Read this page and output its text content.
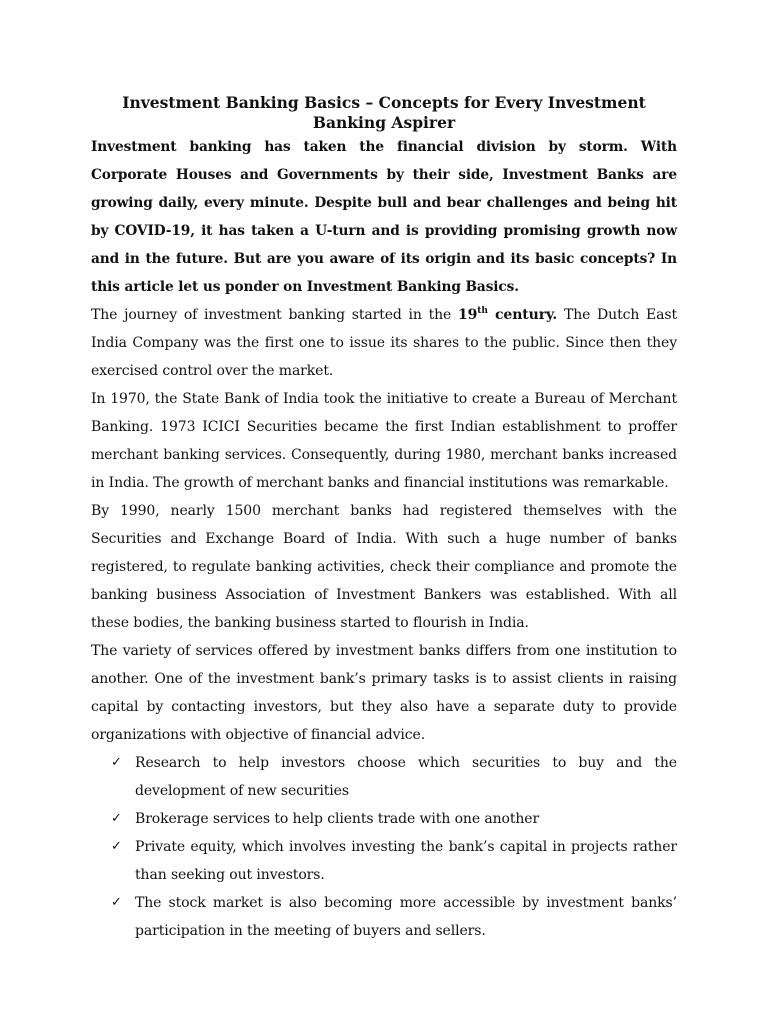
Investment Banking Basics – Concepts for Every Investment Banking Aspirer

Investment banking has taken the financial division by storm. With Corporate Houses and Governments by their side, Investment Banks are growing daily, every minute. Despite bull and bear challenges and being hit by COVID-19, it has taken a U-turn and is providing promising growth now and in the future. But are you aware of its origin and its basic concepts? In this article let us ponder on Investment Banking Basics.

The journey of investment banking started in the 19th century. The Dutch East India Company was the first one to issue its shares to the public. Since then they exercised control over the market.

In 1970, the State Bank of India took the initiative to create a Bureau of Merchant Banking. 1973 ICICI Securities became the first Indian establishment to proffer merchant banking services. Consequently, during 1980, merchant banks increased in India. The growth of merchant banks and financial institutions was remarkable.

By 1990, nearly 1500 merchant banks had registered themselves with the Securities and Exchange Board of India. With such a huge number of banks registered, to regulate banking activities, check their compliance and promote the banking business Association of Investment Bankers was established. With all these bodies, the banking business started to flourish in India.

The variety of services offered by investment banks differs from one institution to another. One of the investment bank’s primary tasks is to assist clients in raising capital by contacting investors, but they also have a separate duty to provide organizations with objective of financial advice.

✓ Research to help investors choose which securities to buy and the development of new securities
✓ Brokerage services to help clients trade with one another
✓ Private equity, which involves investing the bank’s capital in projects rather than seeking out investors.
✓ The stock market is also becoming more accessible by investment banks’ participation in the meeting of buyers and sellers.
